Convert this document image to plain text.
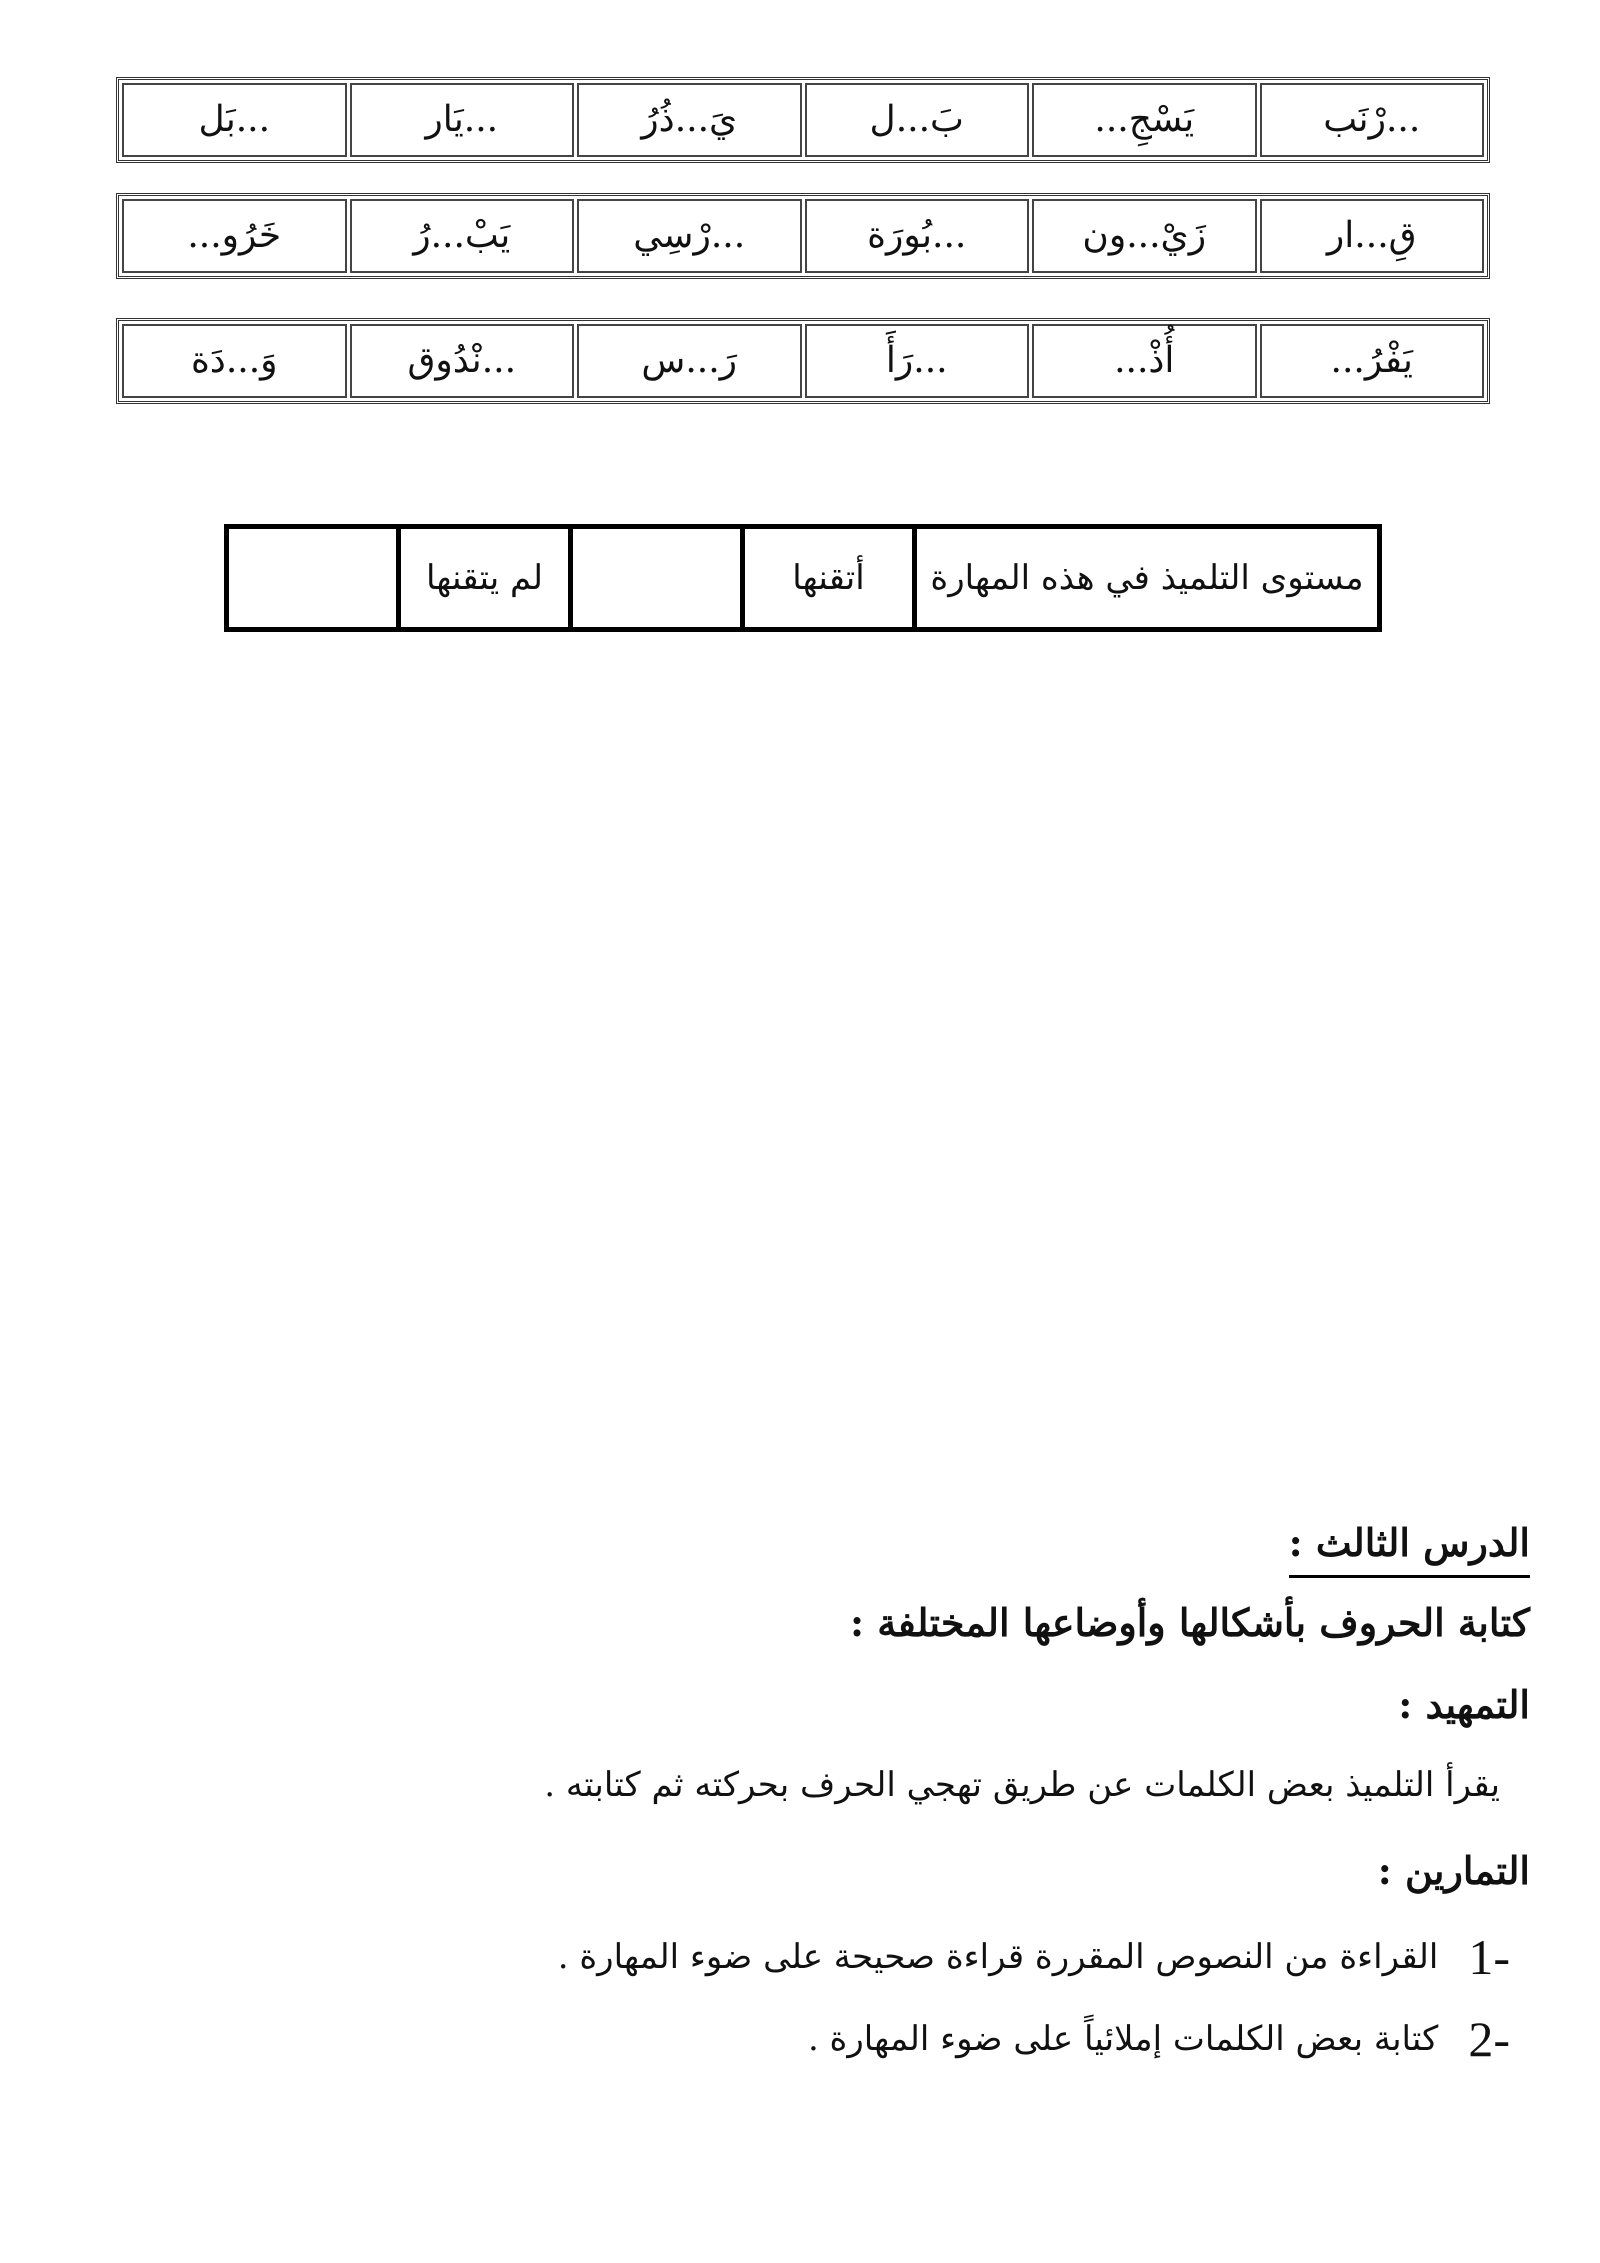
...رْنَب	يَسْجِ...	بَ...ل	يَ...ذُرُ	...يَار	...بَل
قِ...ار	زَيْ...ون	...بُورَة	...رْسِي	يَبْ...رُ	خَرُو...
يَفْرُ...	أُذْ...	...رَأَ	رَ...س	...نْدُوق	وَ...دَة
مستوى التلميذ في هذه المهارة	أتقنها		لم يتقنها	
الدرس الثالث :
كتابة الحروف بأشكالها وأوضاعها المختلفة :
التمهيد :
يقرأ التلميذ بعض الكلمات عن طريق تهجي الحرف بحركته ثم كتابته .
التمارين :
1-
القراءة من النصوص المقررة قراءة صحيحة على ضوء المهارة .
2-
كتابة بعض الكلمات إملائياً على ضوء المهارة .
